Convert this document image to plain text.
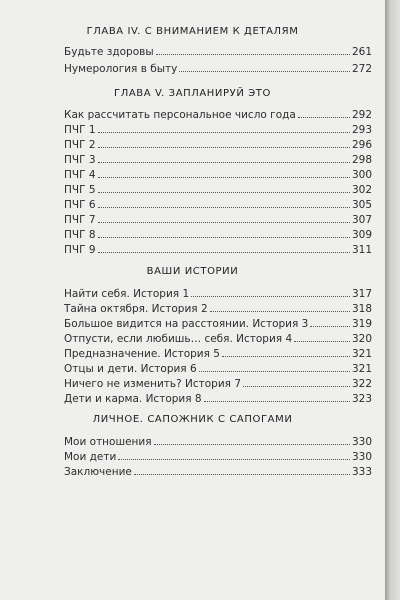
ГЛАВА IV. С ВНИМАНИЕМ К ДЕТАЛЯМ
Будьте здоровы	261
Нумерология в быту	272
ГЛАВА V. ЗАПЛАНИРУЙ ЭТО
Как рассчитать персональное число года	292
ПЧГ 1	293
ПЧГ 2	296
ПЧГ 3	298
ПЧГ 4	300
ПЧГ 5	302
ПЧГ 6	305
ПЧГ 7	307
ПЧГ 8	309
ПЧГ 9	311
ВАШИ ИСТОРИИ
Найти себя. История 1	317
Тайна октября. История 2	318
Большое видится на расстоянии. История 3	319
Отпусти, если любишь… себя. История 4	320
Предназначение. История 5	321
Отцы и дети. История 6	321
Ничего не изменить? История 7	322
Дети и карма. История 8	323
ЛИЧНОЕ. САПОЖНИК С САПОГАМИ
Мои отношения	330
Мои дети	330
Заключение	333
